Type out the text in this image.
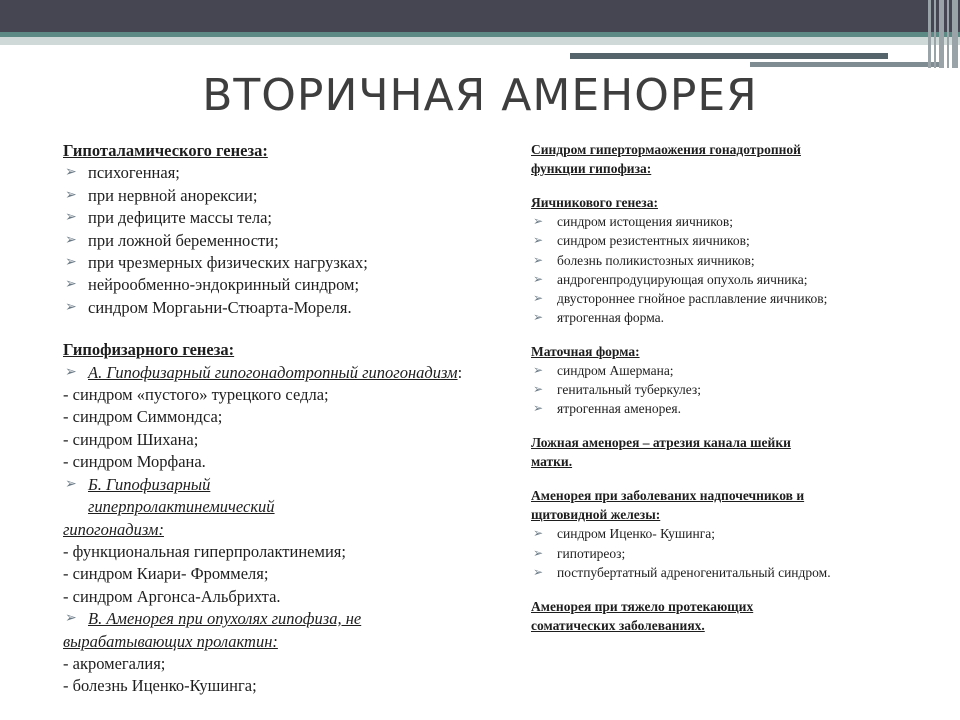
ВТОРИЧНАЯ АМЕНОРЕЯ
Гипоталамического генеза:
➢ психогенная;
➢ при нервной анорексии;
➢ при дефиците массы тела;
➢ при ложной беременности;
➢ при чрезмерных физических нагрузках;
➢ нейрообменно-эндокринный синдром;
➢ синдром Моргаьни-Стюарта-Мореля.
Гипофизарного генеза:
➢ А. Гипофизарный гипогонадотропный гипогонадизм:
- синдром «пустого» турецкого седла;
- синдром Симмондса;
- синдром Шихана;
- синдром Морфана.
➢ Б. Гипофизарный
гиперпролактинемический
гипогонадизм:
- функциональная гиперпролактинемия;
- синдром Киари- Фроммеля;
- синдром Аргонса-Альбрихта.
➢ В. Аменорея при опухолях гипофиза, не
вырабатывающих пролактин:
- акромегалия;
- болезнь Иценко-Кушинга;
Синдром гипертормаожения гонадотропной
функции гипофиза:
Яичникового генеза:
➢ синдром истощения яичников;
➢ синдром резистентных яичников;
➢ болезнь поликистозных яичников;
➢ андрогенпродуцирующая опухоль яичника;
➢ двустороннее гнойное расплавление яичников;
➢ ятрогенная форма.
Маточная форма:
➢ синдром Ашермана;
➢ генитальный туберкулез;
➢ ятрогенная аменорея.
Ложная аменорея – атрезия канала шейки
матки.
Аменорея при заболеваних надпочечников и
щитовидной железы:
➢ синдром Иценко- Кушинга;
➢ гипотиреоз;
➢ постпубертатный адреногенитальный синдром.
Аменорея при тяжело протекающих
соматических заболеваниях.
